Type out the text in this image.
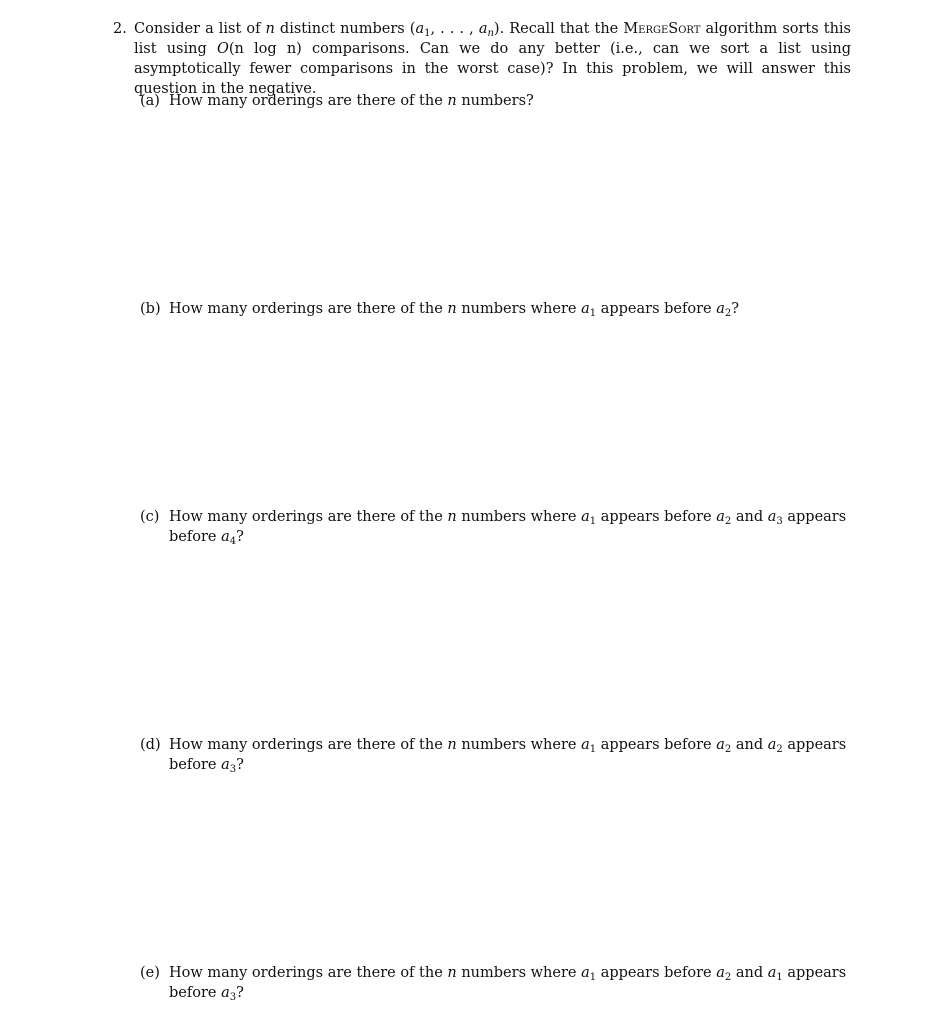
2. Consider a list of n distinct numbers ($a_1$, . . . , $a_n$). Recall that the MergeSort algorithm sorts this list using O(n log n) comparisons. Can we do any better (i.e., can we sort a list using asymptotically fewer comparisons in the worst case)? In this problem, we will answer this question in the negative.
(a) How many orderings are there of the n numbers?
(b) How many orderings are there of the n numbers where $a_1$ appears before $a_2$?
(c) How many orderings are there of the n numbers where $a_1$ appears before $a_2$ and $a_3$ appears before $a_4$?
(d) How many orderings are there of the n numbers where $a_1$ appears before $a_2$ and $a_2$ appears before $a_3$?
(e) How many orderings are there of the n numbers where $a_1$ appears before $a_2$ and $a_1$ appears before $a_3$?
